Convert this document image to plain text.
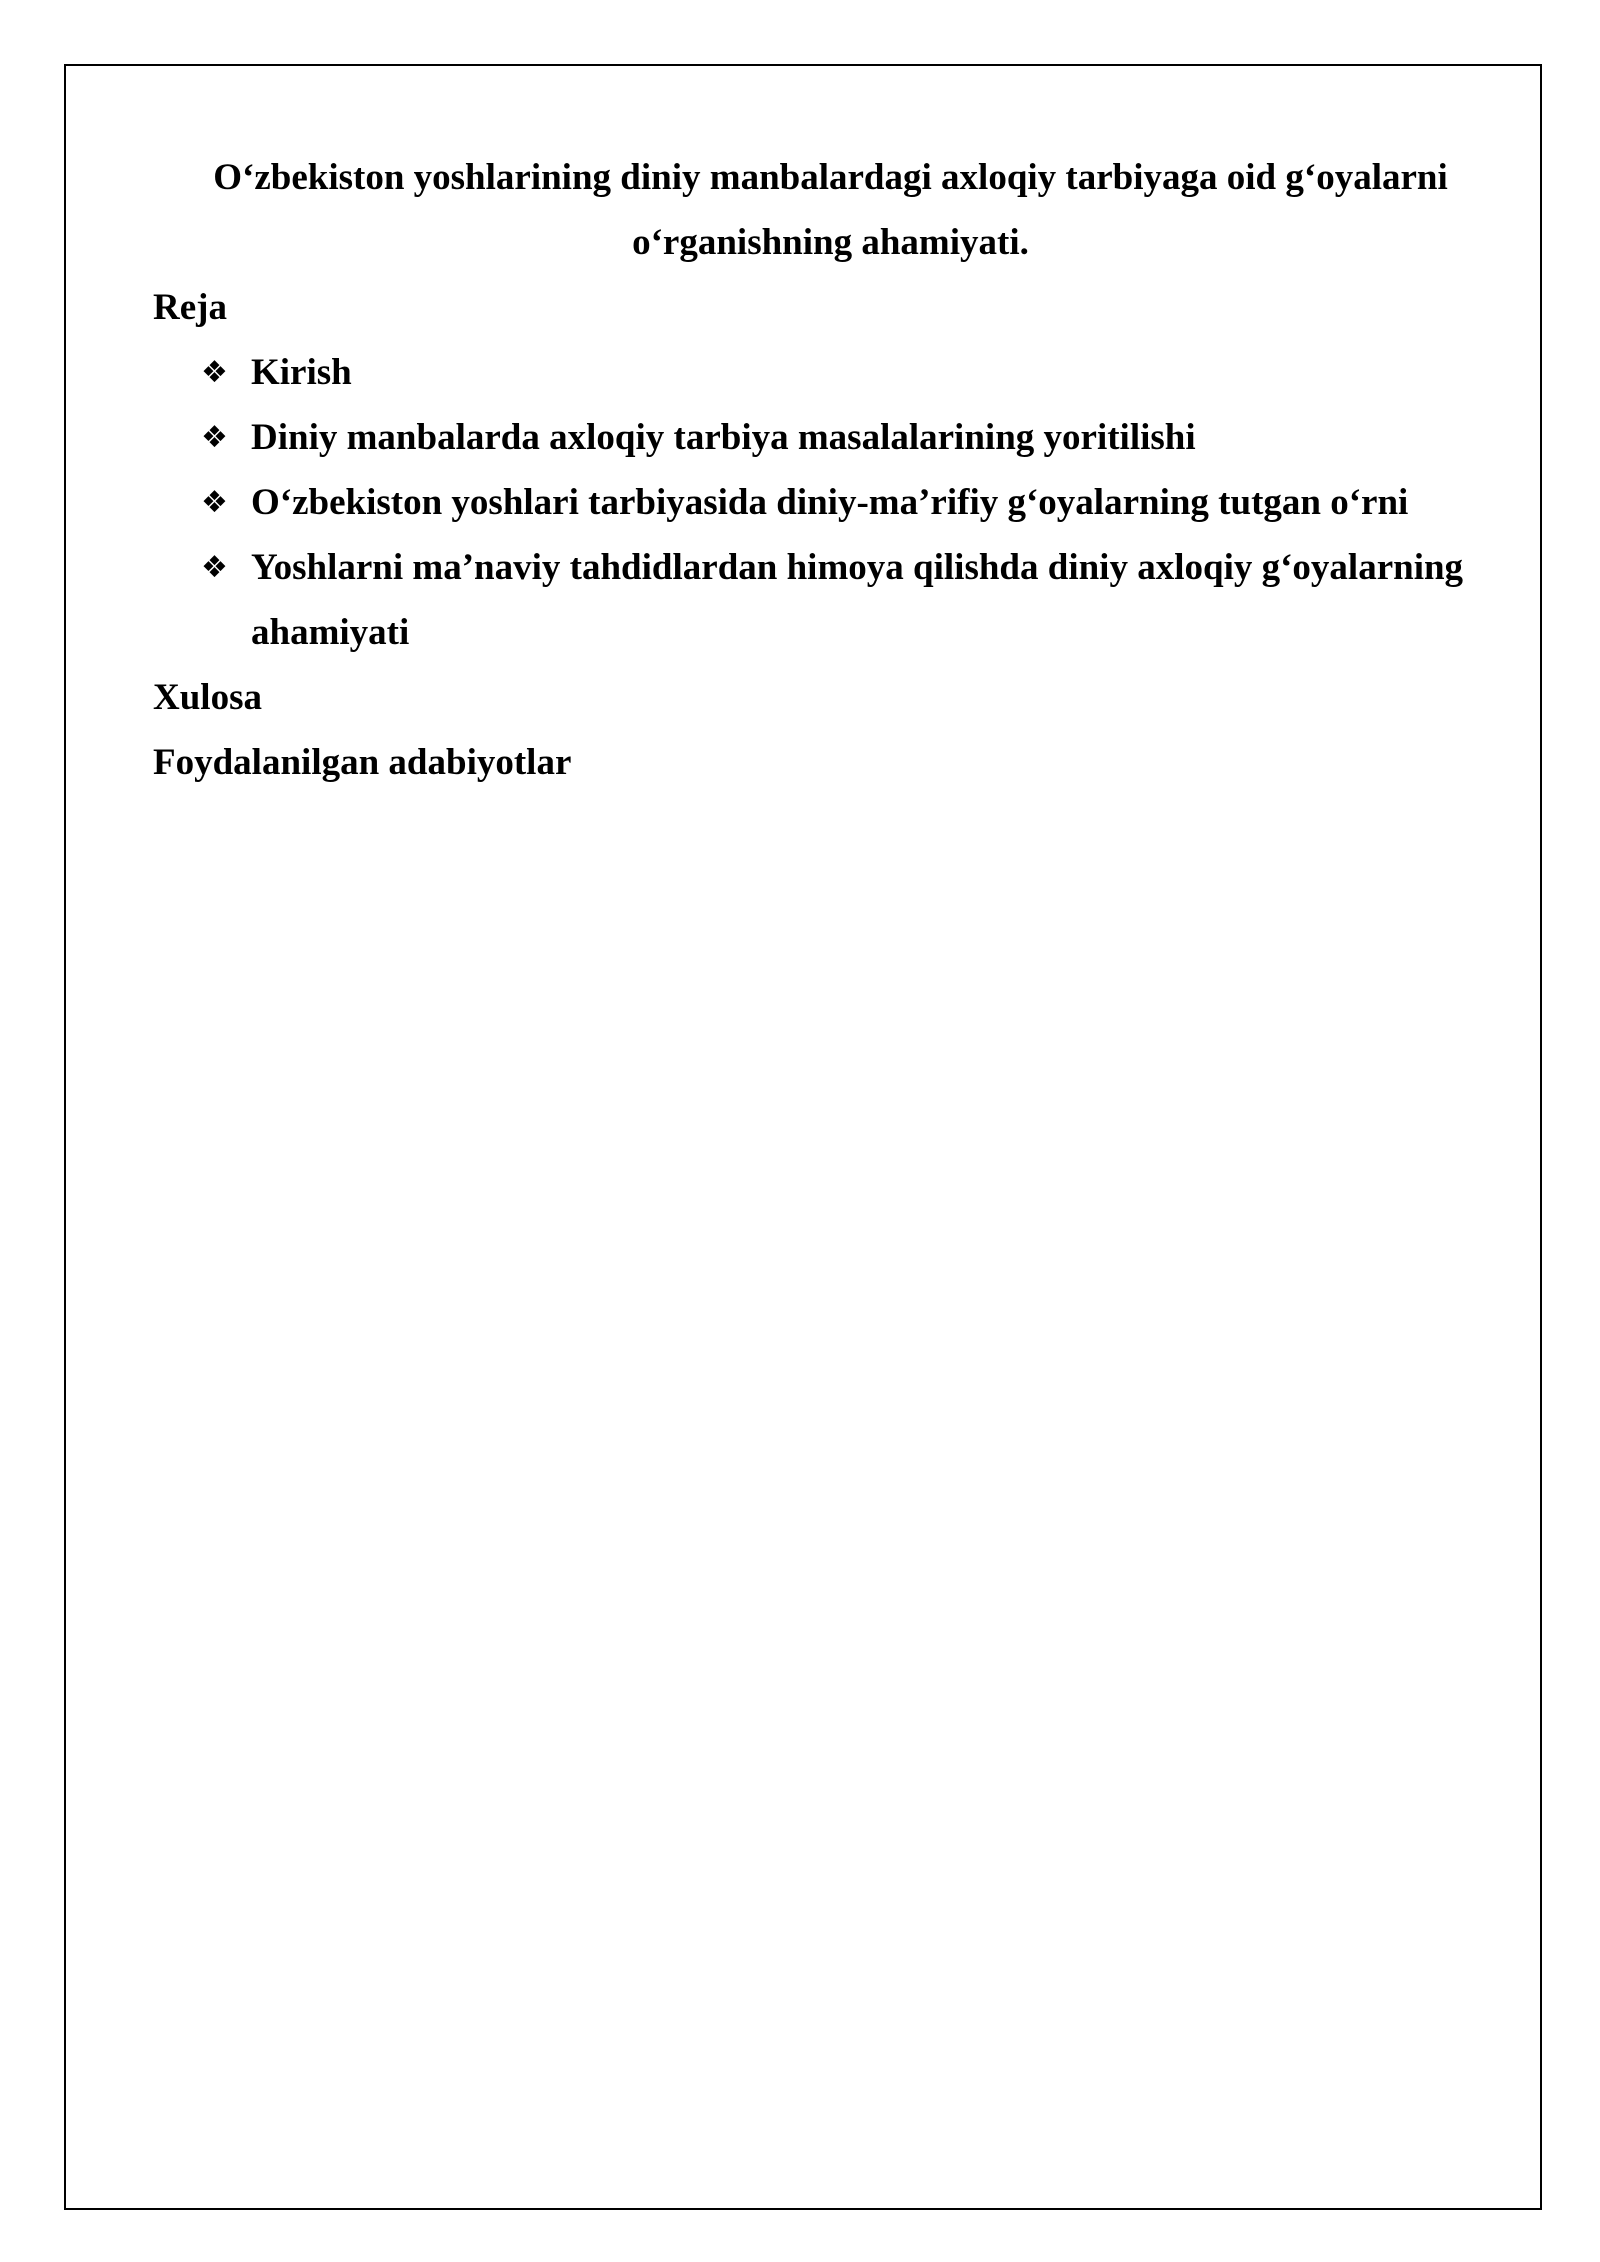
O‘zbekiston yoshlarining diniy manbalardagi axloqiy tarbiyaga oid g‘oyalarni
o‘rganishning ahamiyati.
Reja
❖ Kirish
❖ Diniy manbalarda axloqiy tarbiya masalalarining yoritilishi
❖ O‘zbekiston yoshlari tarbiyasida diniy-ma’rifiy g‘oyalarning tutgan o‘rni
❖ Yoshlarni ma’naviy tahdidlardan himoya qilishda diniy axloqiy g‘oyalarning ahamiyati
Xulosa
Foydalanilgan adabiyotlar
